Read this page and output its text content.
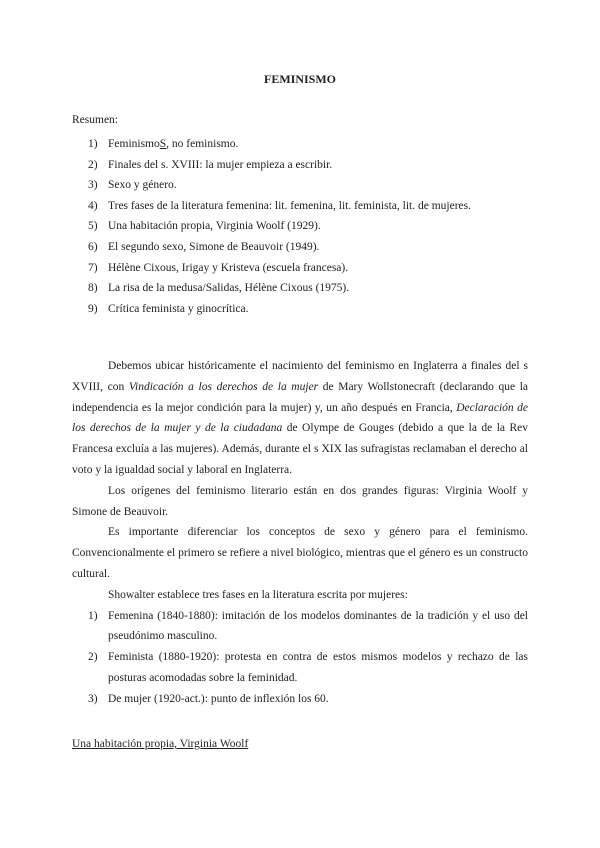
FEMINISMO
Resumen:
1) FeminismoS, no feminismo.
2) Finales del s. XVIII: la mujer empieza a escribir.
3) Sexo y género.
4) Tres fases de la literatura femenina: lit. femenina, lit. feminista, lit. de mujeres.
5) Una habitación propia, Virginia Woolf (1929).
6) El segundo sexo, Simone de Beauvoir (1949).
7) Hélène Cixous, Irigay y Kristeva (escuela francesa).
8) La risa de la medusa/Salidas, Hélène Cixous (1975).
9) Crítica feminista y ginocrítica.

Debemos ubicar históricamente el nacimiento del feminismo en Inglaterra a finales del s XVIII, con Vindicación a los derechos de la mujer de Mary Wollstonecraft (declarando que la independencia es la mejor condición para la mujer) y, un año después en Francia, Declaración de los derechos de la mujer y de la ciudadana de Olympe de Gouges (debido a que la de la Rev Francesa excluía a las mujeres). Además, durante el s XIX las sufragistas reclamaban el derecho al voto y la igualdad social y laboral en Inglaterra.

Los orígenes del feminismo literario están en dos grandes figuras: Virginia Woolf y Simone de Beauvoir.

Es importante diferenciar los conceptos de sexo y género para el feminismo. Convencionalmente el primero se refiere a nivel biológico, mientras que el género es un constructo cultural.

Showalter establece tres fases en la literatura escrita por mujeres:

1) Femenina (1840-1880): imitación de los modelos dominantes de la tradición y el uso del pseudónimo masculino.
2) Feminista (1880-1920): protesta en contra de estos mismos modelos y rechazo de las posturas acomodadas sobre la feminidad.
3) De mujer (1920-act.): punto de inflexión los 60.
Una habitación propia, Virginia Woolf
